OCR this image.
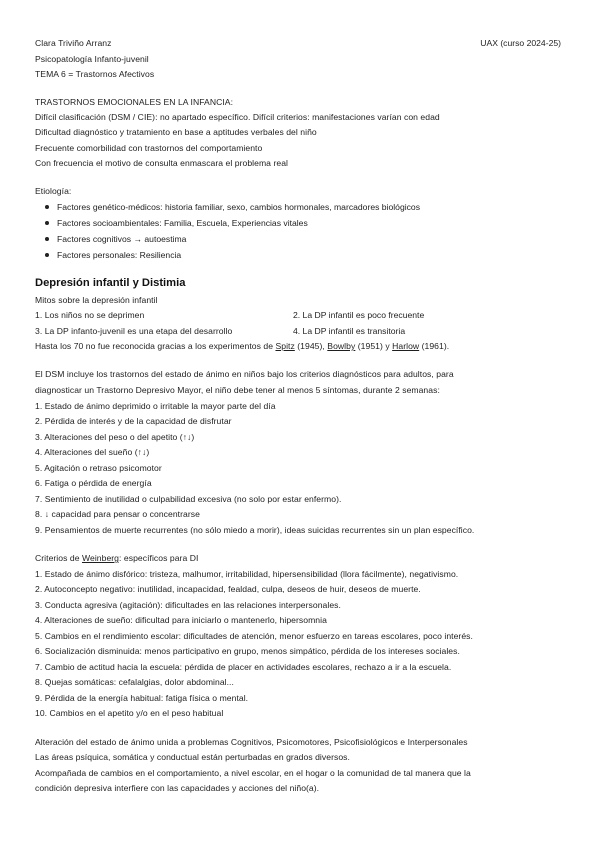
Clara Triviño Arranz	UAX (curso 2024-25)
Psicopatología Infanto-juvenil
TEMA 6 = Trastornos Afectivos
TRASTORNOS EMOCIONALES EN LA INFANCIA:
Difícil clasificación (DSM / CIE): no apartado específico. Difícil criterios: manifestaciones varían con edad
Dificultad diagnóstico y tratamiento en base a aptitudes verbales del niño
Frecuente comorbilidad con trastornos del comportamiento
Con frecuencia el motivo de consulta enmascara el problema real
Etiología:
Factores genético-médicos: historia familiar, sexo, cambios hormonales, marcadores biológicos
Factores socioambientales: Familia, Escuela, Experiencias vitales
Factores cognitivos → autoestima
Factores personales: Resiliencia
Depresión infantil y Distimia
Mitos sobre la depresión infantil
1. Los niños no se deprimen	2. La DP infantil es poco frecuente
3. La DP infanto-juvenil es una etapa del desarrollo	4. La DP infantil es transitoria
Hasta los 70 no fue reconocida gracias a los experimentos de Spitz (1945), Bowlby (1951) y Harlow (1961).
El DSM incluye los trastornos del estado de ánimo en niños bajo los criterios diagnósticos para adultos, para
diagnosticar un Trastorno Depresivo Mayor, el niño debe tener al menos 5 síntomas, durante 2 semanas:
1. Estado de ánimo deprimido o irritable la mayor parte del día
2. Pérdida de interés y de la capacidad de disfrutar
3. Alteraciones del peso o del apetito (↑↓)
4. Alteraciones del sueño (↑↓)
5. Agitación o retraso psicomotor
6. Fatiga o pérdida de energía
7. Sentimiento de inutilidad o culpabilidad excesiva (no solo por estar enfermo).
8. ↓ capacidad para pensar o concentrarse
9. Pensamientos de muerte recurrentes (no sólo miedo a morir), ideas suicidas recurrentes sin un plan específico.
Criterios de Weinberg: específicos para DI
1. Estado de ánimo disfórico: tristeza, malhumor, irritabilidad, hipersensibilidad (llora fácilmente), negativismo.
2. Autoconcepto negativo: inutilidad, incapacidad, fealdad, culpa, deseos de huir, deseos de muerte.
3. Conducta agresiva (agitación): dificultades en las relaciones interpersonales.
4. Alteraciones de sueño: dificultad para iniciarlo o mantenerlo, hipersomnia
5. Cambios en el rendimiento escolar: dificultades de atención, menor esfuerzo en tareas escolares, poco interés.
6. Socialización disminuida: menos participativo en grupo, menos simpático, pérdida de los intereses sociales.
7. Cambio de actitud hacia la escuela: pérdida de placer en actividades escolares, rechazo a ir a la escuela.
8. Quejas somáticas: cefalalgias, dolor abdominal...
9. Pérdida de la energía habitual: fatiga física o mental.
10. Cambios en el apetito y/o en el peso habitual
Alteración del estado de ánimo unida a problemas Cognitivos, Psicomotores, Psicofisiológicos e Interpersonales
Las áreas psíquica, somática y conductual están perturbadas en grados diversos.
Acompañada de cambios en el comportamiento, a nivel escolar, en el hogar o la comunidad de tal manera que la
condición depresiva interfiere con las capacidades y acciones del niño(a).
